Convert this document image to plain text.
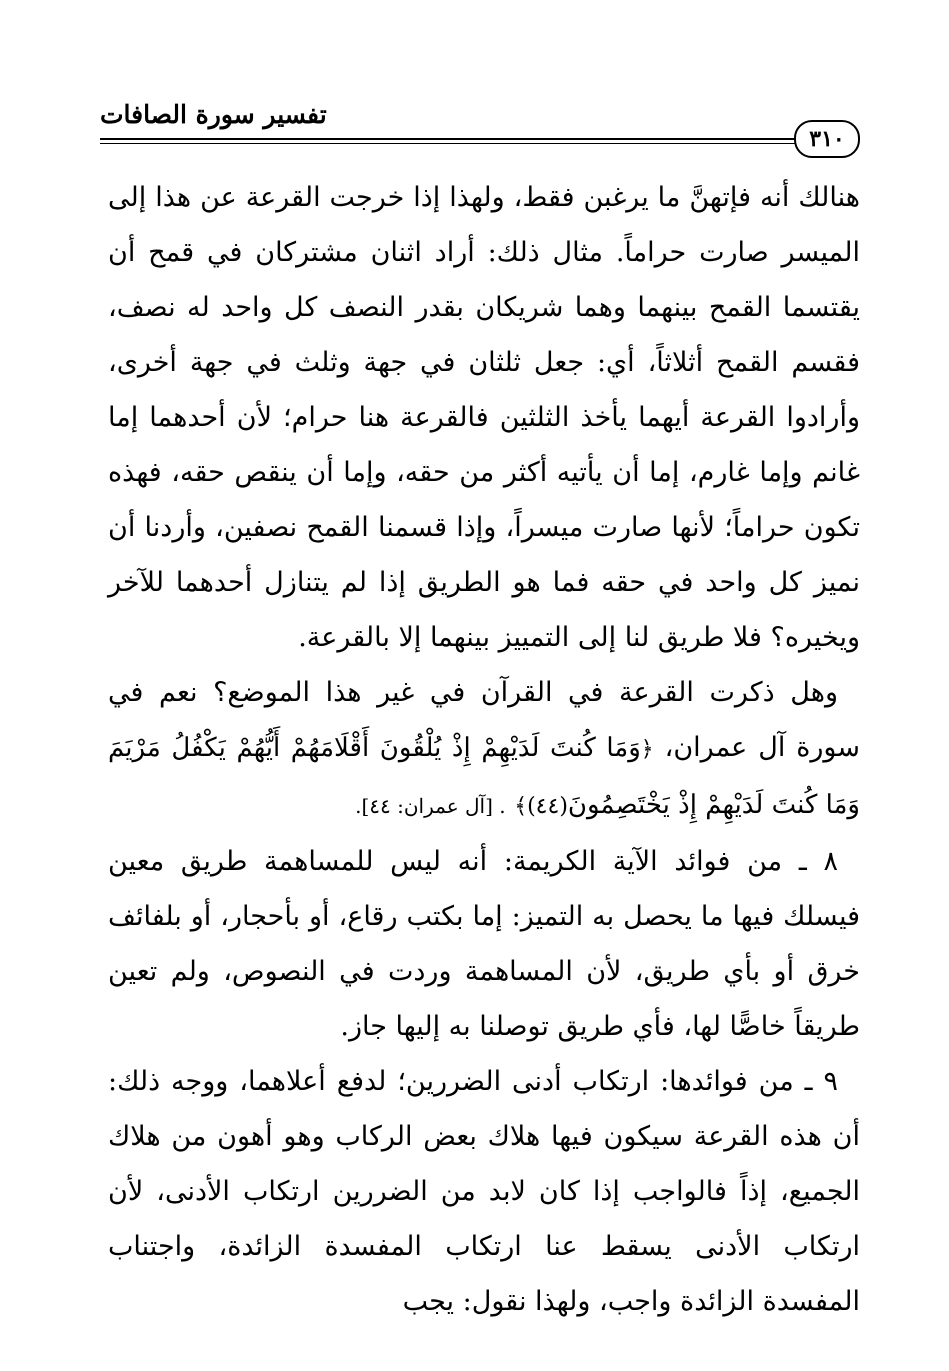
تفسير سورة الصافات
٣١٠

هنالك أنه فإتهنَّ ما يرغبن فقط، ولهذا إذا خرجت القرعة عن هذا إلى الميسر صارت حراماً. مثال ذلك: أراد اثنان مشتركان في قمح أن يقتسما القمح بينهما وهما شريكان بقدر النصف كل واحد له نصف، فقسم القمح أثلاثاً، أي: جعل ثلثان في جهة وثلث في جهة أخرى، وأرادوا القرعة أيهما يأخذ الثلثين فالقرعة هنا حرام؛ لأن أحدهما إما غانم وإما غارم، إما أن يأتيه أكثر من حقه، وإما أن ينقص حقه، فهذه تكون حراماً؛ لأنها صارت ميسراً، وإذا قسمنا القمح نصفين، وأردنا أن نميز كل واحد في حقه فما هو الطريق إذا لم يتنازل أحدهما للآخر ويخيره؟ فلا طريق لنا إلى التمييز بينهما إلا بالقرعة.

وهل ذكرت القرعة في القرآن في غير هذا الموضع؟ نعم في سورة آل عمران، ﴿وَمَا كُنتَ لَدَيْهِمْ إِذْ يُلْقُونَ أَقْلَامَهُمْ أَيُّهُمْ يَكْفُلُ مَرْيَمَ وَمَا كُنتَ لَدَيْهِمْ إِذْ يَخْتَصِمُونَ(٤٤)﴾ . [آل عمران: ٤٤].

٨ ـ من فوائد الآية الكريمة: أنه ليس للمساهمة طريق معين فيسلك فيها ما يحصل به التميز: إما بكتب رقاع، أو بأحجار، أو بلفائف خرق أو بأي طريق، لأن المساهمة وردت في النصوص، ولم تعين طريقاً خاصًّا لها، فأي طريق توصلنا به إليها جاز.

٩ ـ من فوائدها: ارتكاب أدنى الضررين؛ لدفع أعلاهما، ووجه ذلك: أن هذه القرعة سيكون فيها هلاك بعض الركاب وهو أهون من هلاك الجميع، إذاً فالواجب إذا كان لابد من الضررين ارتكاب الأدنى، لأن ارتكاب الأدنى يسقط عنا ارتكاب المفسدة الزائدة، واجتناب المفسدة الزائدة واجب، ولهذا نقول: يجب
